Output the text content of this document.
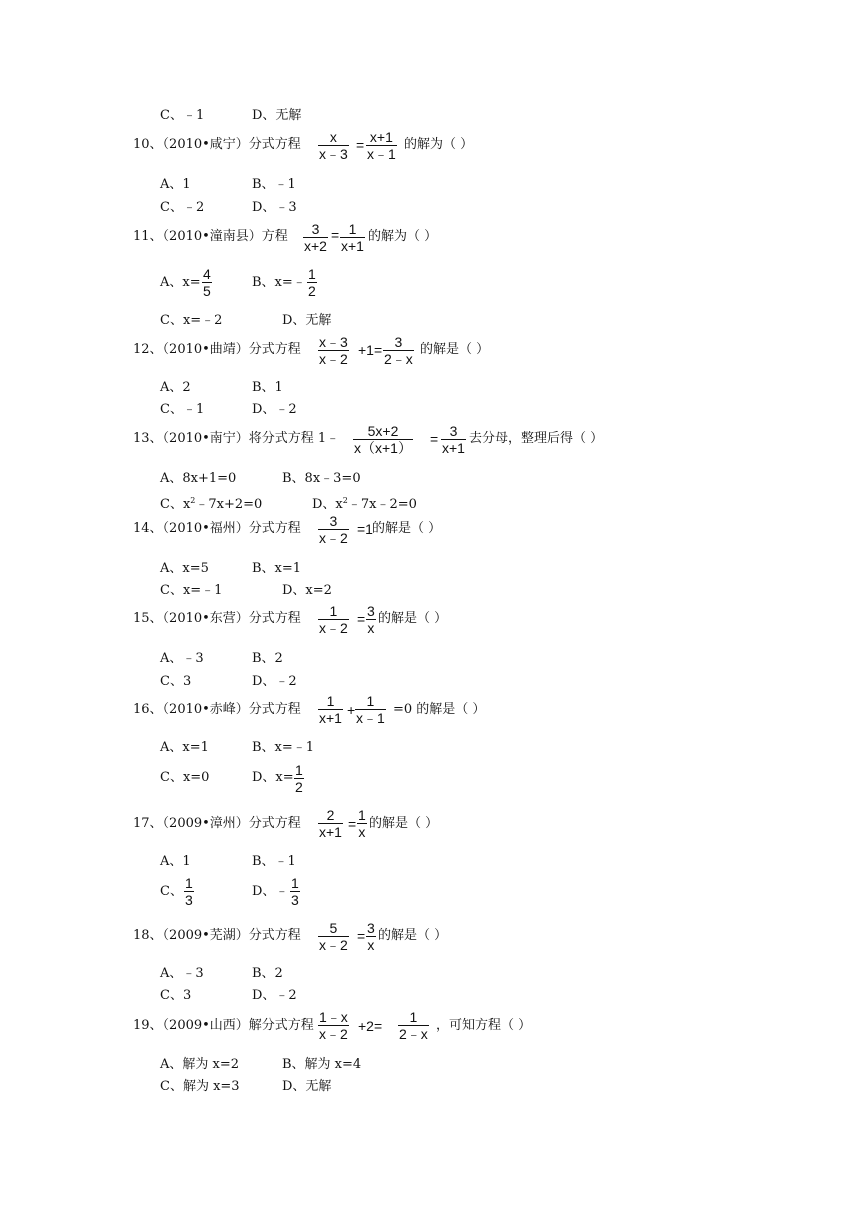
C、﹣1	D、无解
10、（2010•咸宁）分式方程 x
x﹣3
= x+1
x﹣1
的解为（ ）
A、1	B、﹣1
C、﹣2	D、﹣3
11、（2010•潼南县）方程 3
x+2
= 1
x+1
的解为（ ）
A、x=
4
5
B、x=﹣
1
2
C、x=﹣2	D、无解
12、（2010•曲靖）分式方程 x﹣3
x﹣2
+1= 3
2﹣x
的解是（ ）
A、2	B、1
C、﹣1	D、﹣2
13、（2010•南宁）将分式方程 1﹣ 5x+2
x（x+1）
= 3
x+1
去分母，整理后得（ ）
A、8x+1=0	B、8x﹣3=0
C、$x^2﹣7x+2=0$	D、$x^2﹣7x﹣2=0$
14、（2010•福州）分式方程 3
x﹣2
=1 的解是（ ）
A、x=5	B、x=1
C、x=﹣1	D、x=2
15、（2010•东营）分式方程 1
x﹣2
= 3
x
的解是（ ）
A、﹣3	B、2
C、3	D、﹣2
16、（2010•赤峰）分式方程
1
x+1 +
1
x﹣1
=0 的解是（ ）
A、x=1	B、x=﹣1
C、x=0	D、x= 1
2
17、（2009•漳州）分式方程
2
x+1 =
1
x
的解是（ ）
A、1	B、﹣1
C、
1
3
D、﹣
1
3
18、（2009•芜湖）分式方程 5
x﹣2
= 3
x
的解是（ ）
A、﹣3	B、2
C、3	D、﹣2
19、（2009•山西）解分式方程
1﹣x
x﹣2 +2=
1
2﹣x
，可知方程（ ）
A、解为 x=2	B、解为 x=4
C、解为 x=3	D、无解
